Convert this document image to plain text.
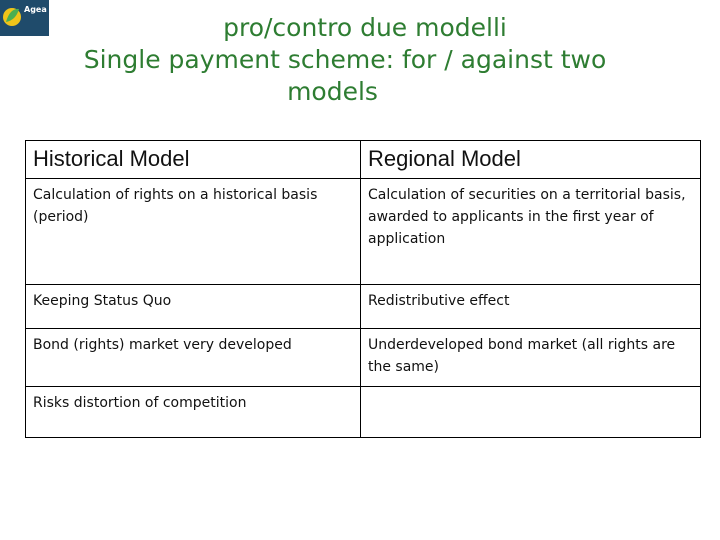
Agea
pro/contro due modelli
Single payment scheme: for / against two
models
Historical Model	Regional Model
Calculation of rights on a historical basis (period)	Calculation of securities on a territorial basis, awarded to applicants in the first year of application
Keeping Status Quo	Redistributive effect
Bond (rights) market very developed	Underdeveloped bond market (all rights are the same)
Risks distortion of competition	
